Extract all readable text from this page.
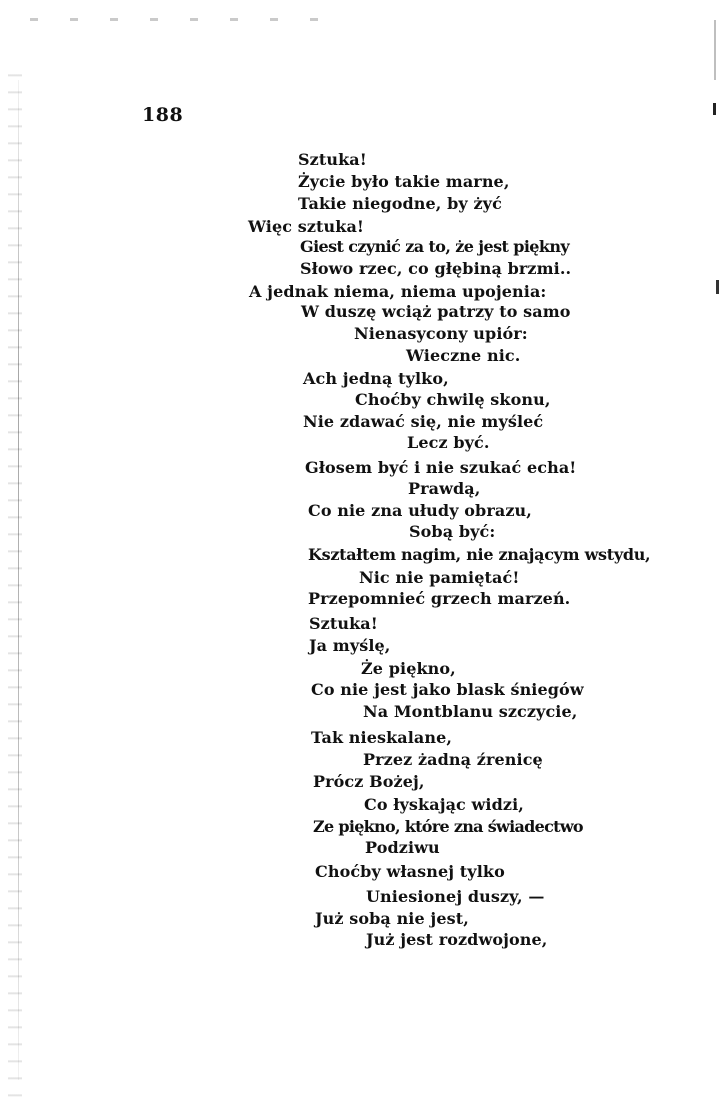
188
Sztuka!
Życie było takie marne,
Takie niegodne, by żyć
Więc sztuka!
Giest czynić za to, że jest piękny
Słowo rzec, co głębiną brzmi..
A jednak niema, niema upojenia:
W duszę wciąż patrzy to samo
Nienasycony upiór:
Wieczne nic.
Ach jedną tylko,
Choćby chwilę skonu,
Nie zdawać się, nie myśleć
Lecz być.
Głosem być i nie szukać echa!
Prawdą,
Co nie zna ułudy obrazu,
Sobą być:
Kształtem nagim, nie znającym wstydu,
Nic nie pamiętać!
Przepomnieć grzech marzeń.
Sztuka!
Ja myślę,
Że piękno,
Co nie jest jako blask śniegów
Na Montblanu szczycie,
Tak nieskalane,
Przez żadną źrenicę
Prócz Bożej,
Co łyskając widzi,
Ze piękno, które zna świadectwo
Podziwu
Choćby własnej tylko
Uniesionej duszy, —
Już sobą nie jest,
Już jest rozdwojone,
